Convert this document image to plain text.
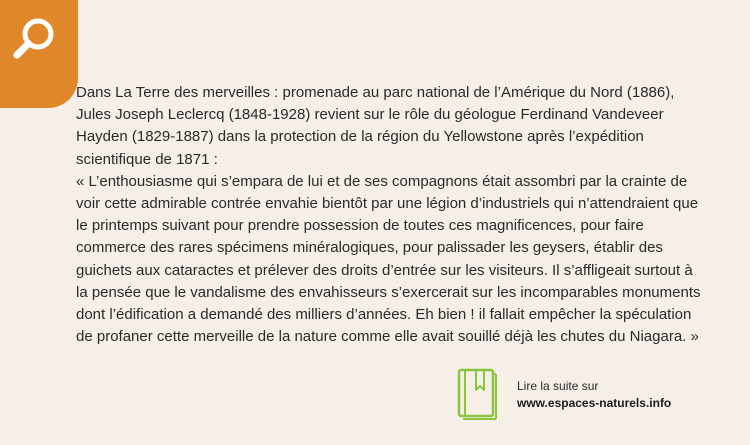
Dans La Terre des merveilles : promenade au parc national de l’Amérique du Nord (1886), Jules Joseph Leclercq (1848-1928) revient sur le rôle du géologue Ferdinand Vandeveer Hayden (1829-1887) dans la protection de la région du Yellowstone après l’expédition scientifique de 1871 :

« L’enthousiasme qui s’empara de lui et de ses compagnons était assombri par la crainte de voir cette admirable contrée envahie bientôt par une légion d’industriels qui n’attendraient que le printemps suivant pour prendre possession de toutes ces magnificences, pour faire commerce des rares spécimens minéralogiques, pour palissader les geysers, établir des guichets aux cataractes et prélever des droits d’entrée sur les visiteurs. Il s’affligeait surtout à la pensée que le vandalisme des envahisseurs s’exercerait sur les incomparables monuments dont l’édification a demandé des milliers d’années. Eh bien ! il fallait empêcher la spéculation de profaner cette merveille de la nature comme elle avait souillé déjà les chutes du Niagara. »

Lire la suite sur
www.espaces-naturels.info
